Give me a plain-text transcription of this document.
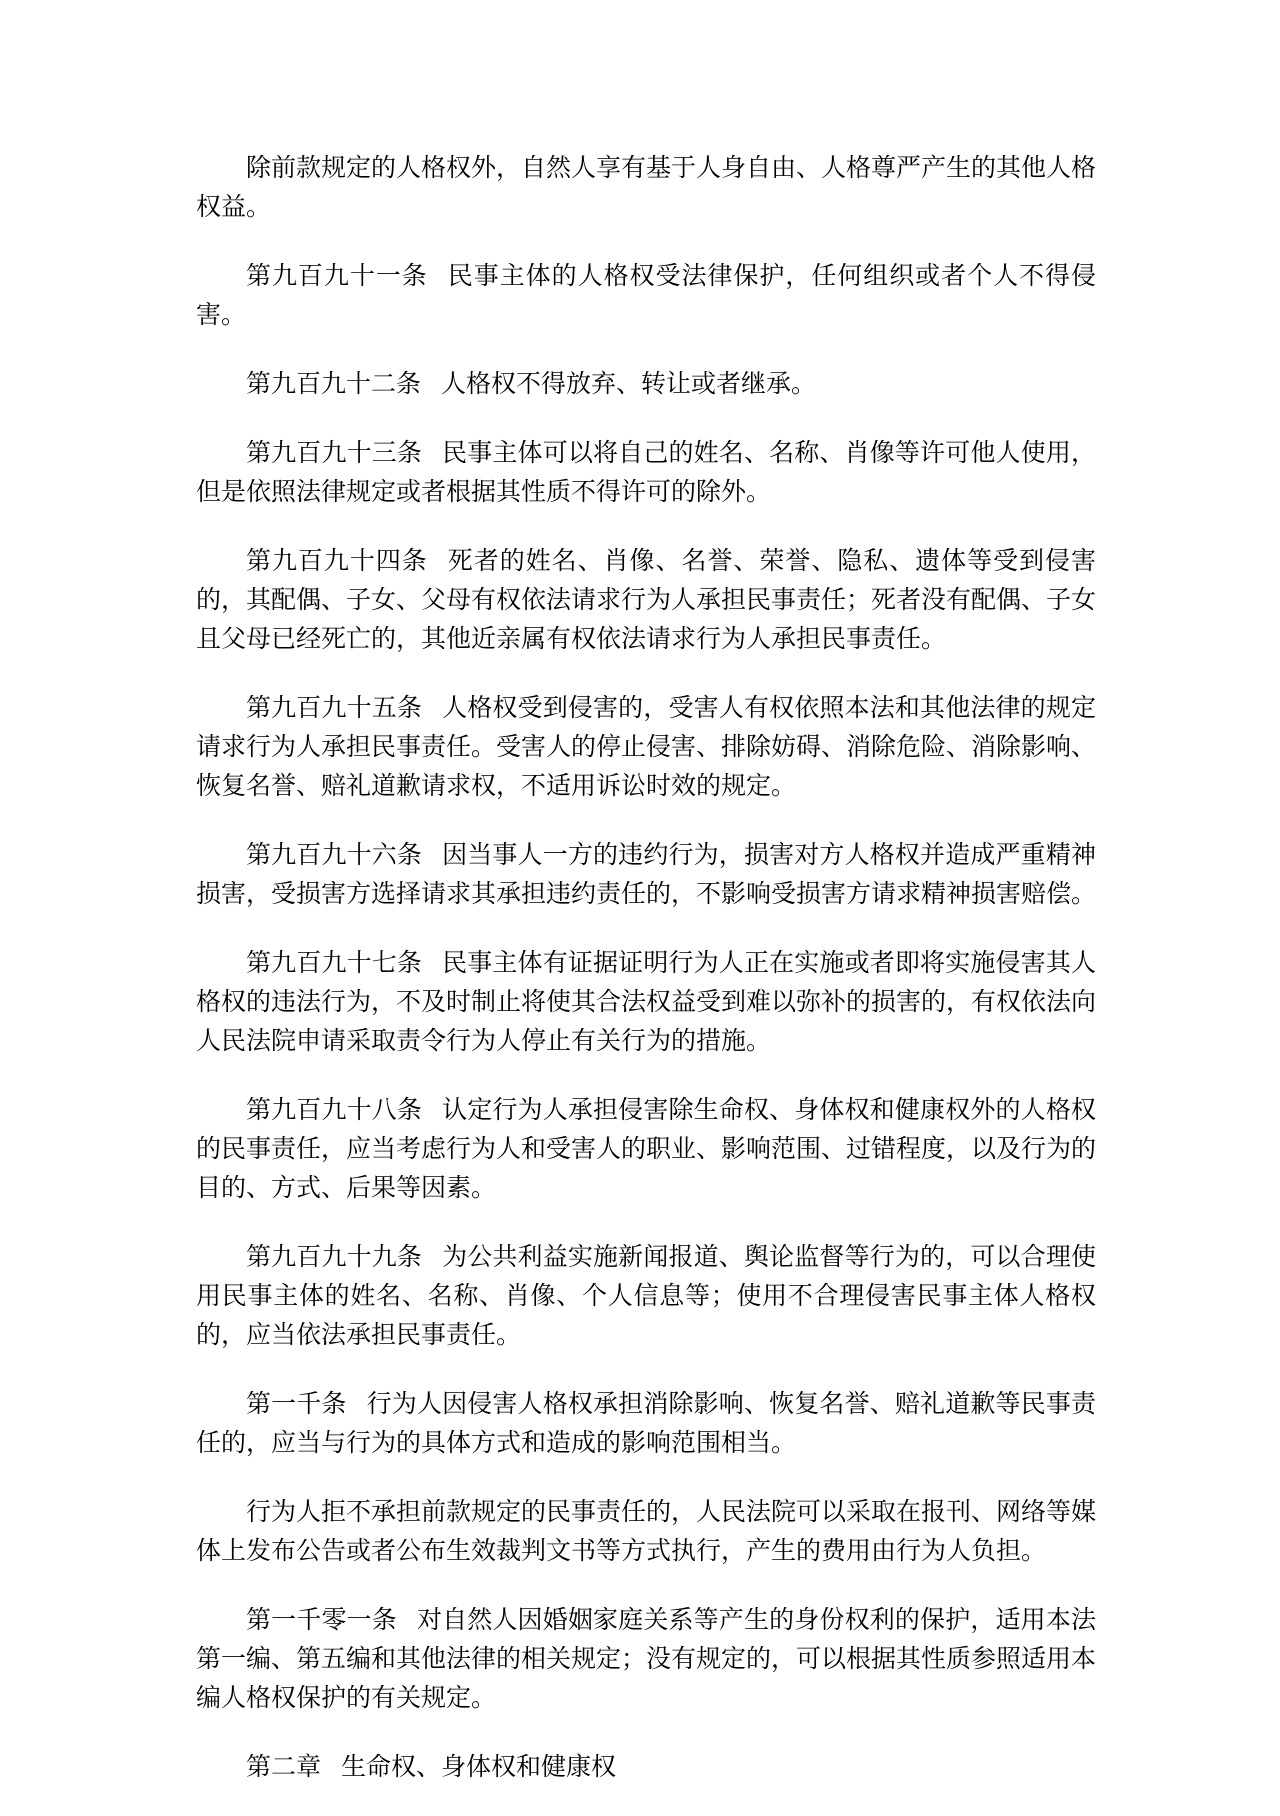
除前款规定的人格权外，自然人享有基于人身自由、人格尊严产生的其他人格权益。

第九百九十一条 民事主体的人格权受法律保护，任何组织或者个人不得侵害。

第九百九十二条 人格权不得放弃、转让或者继承。

第九百九十三条 民事主体可以将自己的姓名、名称、肖像等许可他人使用，但是依照法律规定或者根据其性质不得许可的除外。

第九百九十四条 死者的姓名、肖像、名誉、荣誉、隐私、遗体等受到侵害的，其配偶、子女、父母有权依法请求行为人承担民事责任；死者没有配偶、子女且父母已经死亡的，其他近亲属有权依法请求行为人承担民事责任。

第九百九十五条 人格权受到侵害的，受害人有权依照本法和其他法律的规定请求行为人承担民事责任。受害人的停止侵害、排除妨碍、消除危险、消除影响、恢复名誉、赔礼道歉请求权，不适用诉讼时效的规定。

第九百九十六条 因当事人一方的违约行为，损害对方人格权并造成严重精神损害，受损害方选择请求其承担违约责任的，不影响受损害方请求精神损害赔偿。

第九百九十七条 民事主体有证据证明行为人正在实施或者即将实施侵害其人格权的违法行为，不及时制止将使其合法权益受到难以弥补的损害的，有权依法向人民法院申请采取责令行为人停止有关行为的措施。

第九百九十八条 认定行为人承担侵害除生命权、身体权和健康权外的人格权的民事责任，应当考虑行为人和受害人的职业、影响范围、过错程度，以及行为的目的、方式、后果等因素。

第九百九十九条 为公共利益实施新闻报道、舆论监督等行为的，可以合理使用民事主体的姓名、名称、肖像、个人信息等；使用不合理侵害民事主体人格权的，应当依法承担民事责任。

第一千条 行为人因侵害人格权承担消除影响、恢复名誉、赔礼道歉等民事责任的，应当与行为的具体方式和造成的影响范围相当。

行为人拒不承担前款规定的民事责任的，人民法院可以采取在报刊、网络等媒体上发布公告或者公布生效裁判文书等方式执行，产生的费用由行为人负担。

第一千零一条 对自然人因婚姻家庭关系等产生的身份权利的保护，适用本法第一编、第五编和其他法律的相关规定；没有规定的，可以根据其性质参照适用本编人格权保护的有关规定。

第二章 生命权、身体权和健康权
